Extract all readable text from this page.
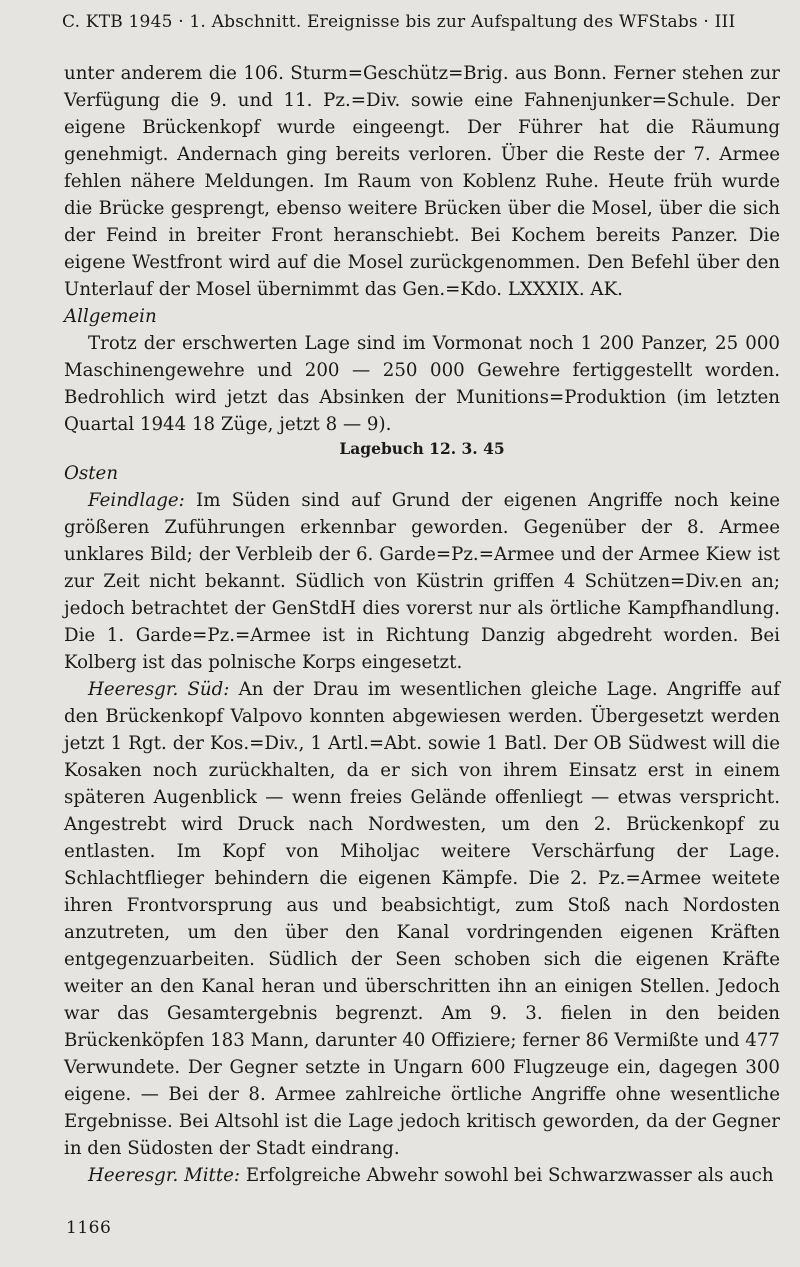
C. KTB 1945 · 1. Abschnitt. Ereignisse bis zur Aufspaltung des WFStabs · III

unter anderem die 106. Sturm=Geschütz=Brig. aus Bonn. Ferner stehen zur Verfügung die 9. und 11. Pz.=Div. sowie eine Fahnenjunker=Schule. Der eigene Brückenkopf wurde eingeengt. Der Führer hat die Räumung genehmigt. Andernach ging bereits verloren. Über die Reste der 7. Armee fehlen nähere Meldungen. Im Raum von Koblenz Ruhe. Heute früh wurde die Brücke gesprengt, ebenso weitere Brücken über die Mosel, über die sich der Feind in breiter Front heranschiebt. Bei Kochem bereits Panzer. Die eigene Westfront wird auf die Mosel zurückgenommen. Den Befehl über den Unterlauf der Mosel übernimmt das Gen.=Kdo. LXXXIX. AK.

Allgemein

Trotz der erschwerten Lage sind im Vormonat noch 1 200 Panzer, 25 000 Maschinengewehre und 200 — 250 000 Gewehre fertiggestellt worden. Bedrohlich wird jetzt das Absinken der Munitions=Produktion (im letzten Quartal 1944 18 Züge, jetzt 8 — 9).

Lagebuch 12. 3. 45

Osten

Feindlage: Im Süden sind auf Grund der eigenen Angriffe noch keine größeren Zuführungen erkennbar geworden. Gegenüber der 8. Armee unklares Bild; der Verbleib der 6. Garde=Pz.=Armee und der Armee Kiew ist zur Zeit nicht bekannt. Südlich von Küstrin griffen 4 Schützen=Div.en an; jedoch betrachtet der GenStdH dies vorerst nur als örtliche Kampfhandlung. Die 1. Garde=Pz.=Armee ist in Richtung Danzig abgedreht worden. Bei Kolberg ist das polnische Korps eingesetzt.

Heeresgr. Süd: An der Drau im wesentlichen gleiche Lage. Angriffe auf den Brückenkopf Valpovo konnten abgewiesen werden. Übergesetzt werden jetzt 1 Rgt. der Kos.=Div., 1 Artl.=Abt. sowie 1 Batl. Der OB Südwest will die Kosaken noch zurückhalten, da er sich von ihrem Einsatz erst in einem späteren Augenblick — wenn freies Gelände offenliegt — etwas verspricht. Angestrebt wird Druck nach Nordwesten, um den 2. Brückenkopf zu entlasten. Im Kopf von Miholjac weitere Verschärfung der Lage. Schlachtflieger behindern die eigenen Kämpfe. Die 2. Pz.=Armee weitete ihren Frontvorsprung aus und beabsichtigt, zum Stoß nach Nordosten anzutreten, um den über den Kanal vordringenden eigenen Kräften entgegenzuarbeiten. Südlich der Seen schoben sich die eigenen Kräfte weiter an den Kanal heran und überschritten ihn an einigen Stellen. Jedoch war das Gesamtergebnis begrenzt. Am 9. 3. fielen in den beiden Brückenköpfen 183 Mann, darunter 40 Offiziere; ferner 86 Vermißte und 477 Verwundete. Der Gegner setzte in Ungarn 600 Flugzeuge ein, dagegen 300 eigene. — Bei der 8. Armee zahlreiche örtliche Angriffe ohne wesentliche Ergebnisse. Bei Altsohl ist die Lage jedoch kritisch geworden, da der Gegner in den Südosten der Stadt eindrang.

Heeresgr. Mitte: Erfolgreiche Abwehr sowohl bei Schwarzwasser als auch

1166
